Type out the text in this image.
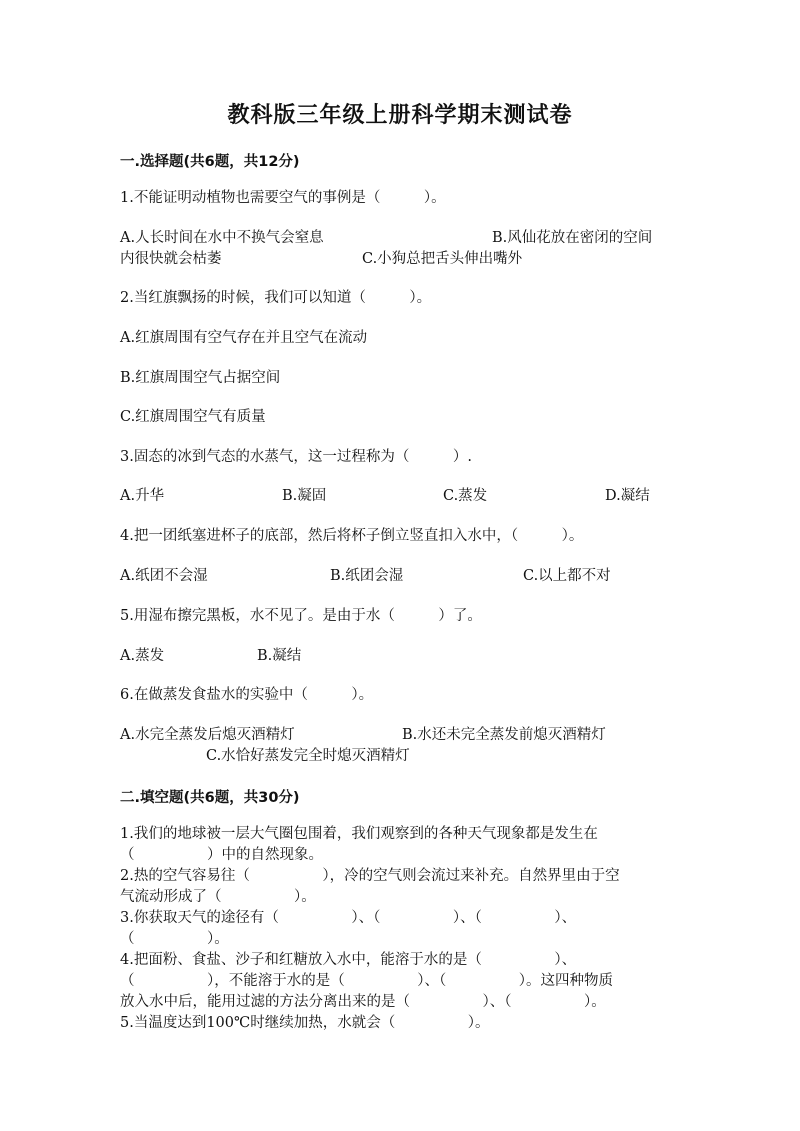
教科版三年级上册科学期末测试卷
一.选择题(共6题，共12分)
1.不能证明动植物也需要空气的事例是（　　　）。
A.人长时间在水中不换气会窒息	B.风仙花放在密闭的空间
内很快就会枯萎	C.小狗总把舌头伸出嘴外
2.当红旗飘扬的时候，我们可以知道（　　　）。
A.红旗周围有空气存在并且空气在流动
B.红旗周围空气占据空间
C.红旗周围空气有质量
3.固态的冰到气态的水蒸气，这一过程称为（　　　）.
A.升华	B.凝固	C.蒸发	D.凝结
4.把一团纸塞进杯子的底部，然后将杯子倒立竖直扣入水中，（　　　）。
A.纸团不会湿	B.纸团会湿	C.以上都不对
5.用湿布擦完黑板，水不见了。是由于水（　　　）了。
A.蒸发	B.凝结
6.在做蒸发食盐水的实验中（　　　）。
A.水完全蒸发后熄灭酒精灯	B.水还未完全蒸发前熄灭酒精灯
C.水恰好蒸发完全时熄灭酒精灯
二.填空题(共6题，共30分)
1.我们的地球被一层大气圈包围着，我们观察到的各种天气现象都是发生在
（　　　　　）中的自然现象。
2.热的空气容易往（　　　　　），冷的空气则会流过来补充。自然界里由于空
气流动形成了（　　　　　）。
3.你获取天气的途径有（　　　　　）、（　　　　　）、（　　　　　）、
（　　　　　）。
4.把面粉、食盐、沙子和红糖放入水中，能溶于水的是（　　　　　）、
（　　　　　），不能溶于水的是（　　　　　）、（　　　　　）。这四种物质
放入水中后，能用过滤的方法分离出来的是（　　　　　）、（　　　　　）。
5.当温度达到100℃时继续加热，水就会（　　　　　）。
